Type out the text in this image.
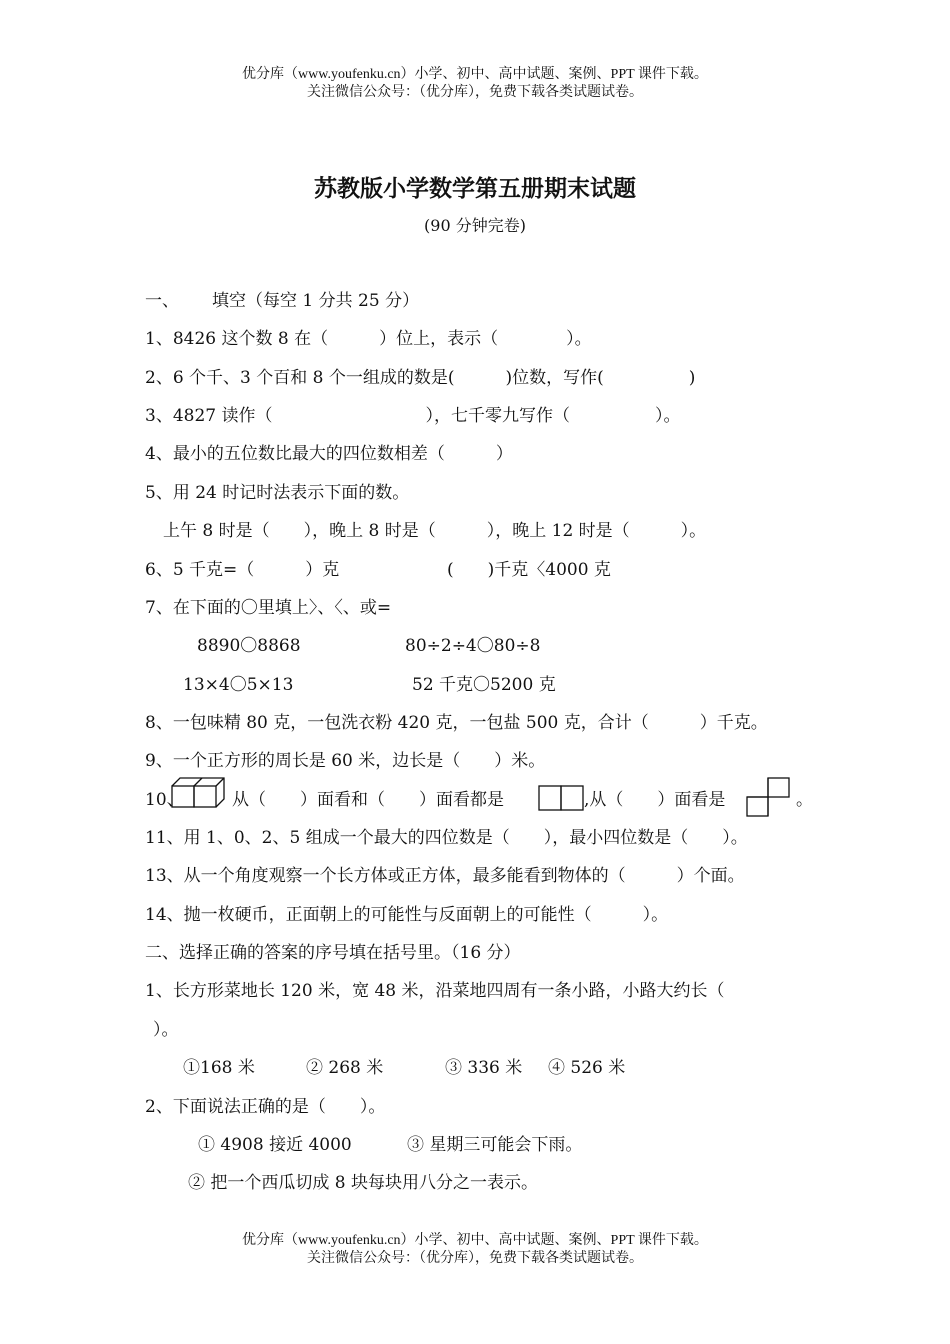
优分库（www.youfenku.cn）小学、初中、高中试题、案例、PPT 课件下载。
关注微信公众号：（优分库），免费下载各类试题试卷。
苏教版小学数学第五册期末试题
(90 分钟完卷)
一、 填空（每空 1 分共 25 分）
1、8426 这个数 8 在（　　　）位上，表示（　　　　）。
2、6 个千、3 个百和 8 个一组成的数是(　　　)位数，写作(　　　　　)
3、4827 读作（　　　　　　　　　），七千零九写作（　　　　　）。
4、最小的五位数比最大的四位数相差（　　　）
5、用 24 时记时法表示下面的数。
上午 8 时是（　　），晚上 8 时是（　　　），晚上 12 时是（　　　）。
6、5 千克=（　　　）克	(　　)千克〈4000 克
7、在下面的〇里填上〉、〈、或=
8890〇8868	80÷2÷4〇80÷8
13×4〇5×13	52 千克〇5200 克
8、一包味精 80 克，一包洗衣粉 420 克，一包盐 500 克，合计（　　　）千克。
9、一个正方形的周长是 60 米，边长是（　　）米。
10、	从（　　）面看和（　　）面看都是	,从（　　）面看是	。
11、用 1、0、2、5 组成一个最大的四位数是（　　），最小四位数是（　　）。
13、从一个角度观察一个长方体或正方体，最多能看到物体的（　　　）个面。
14、抛一枚硬币，正面朝上的可能性与反面朝上的可能性（　　　）。
二、选择正确的答案的序号填在括号里。（16 分）
1、长方形菜地长 120 米，宽 48 米，沿菜地四周有一条小路，小路大约长（
）。
①168 米	② 268 米	③ 336 米 ④ 526 米
2、下面说法正确的是（　　）。
① 4908 接近 4000	③ 星期三可能会下雨。
② 把一个西瓜切成 8 块每块用八分之一表示。
优分库（www.youfenku.cn）小学、初中、高中试题、案例、PPT 课件下载。
关注微信公众号：（优分库），免费下载各类试题试卷。
